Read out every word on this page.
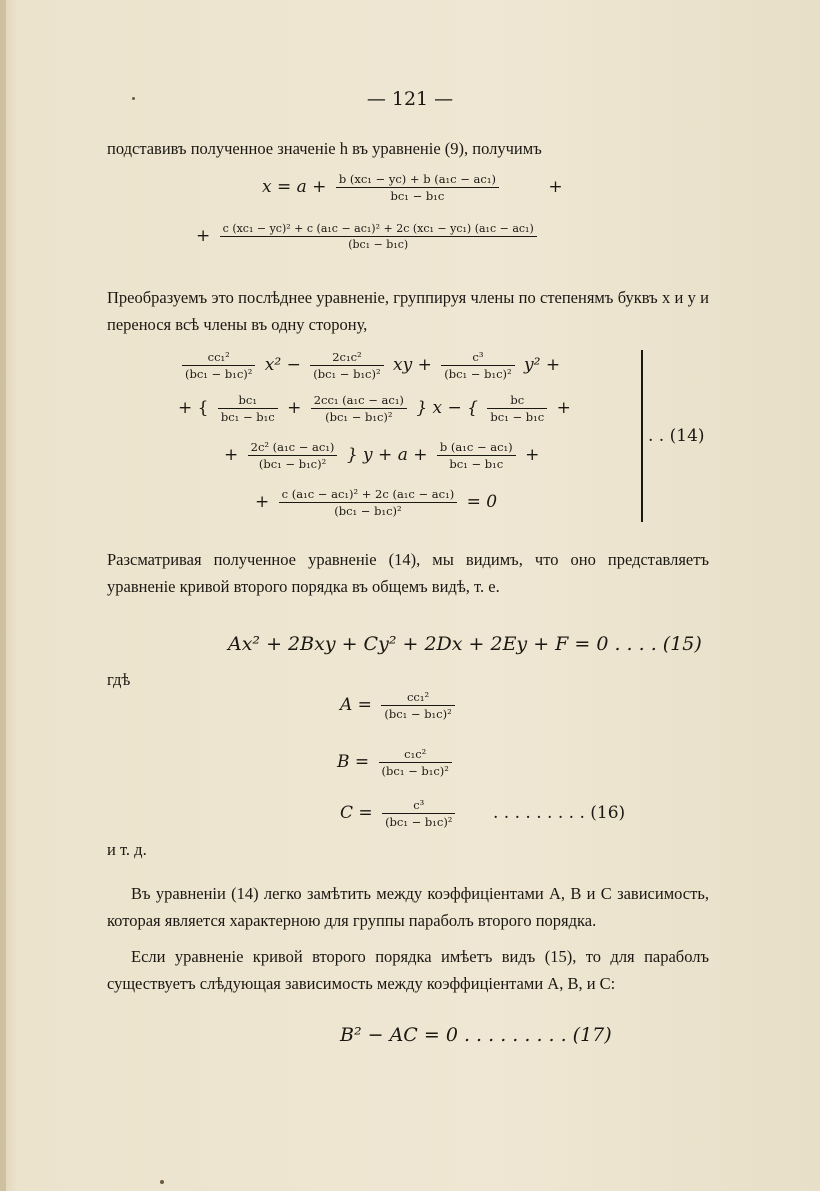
— 121 —
подставивъ полученное значенiе h въ уравненiе (9), получимъ
$x = a + \frac{\text{b (xc₁ − yc) + b (a₁c − ac₁)}}{\text{bc₁ − b₁c}}$	+
+ $\frac{\text{c (xc₁ − yc)² + c (a₁c − ac₁)² + 2c (xc₁ − yc₁) (a₁c − ac₁)}}{\text{(bc₁ − b₁c)}}$
Преобразуемъ это послѣднее уравненiе, группируя члены по степенямъ буквъ x и y и перенося всѣ члены въ одну сторону,
$\frac{\text{cc₁²}}{\text{(bc₁ − b₁c)²}} x^2 - \frac{\text{2c₁c²}}{\text{(bc₁ − b₁c)²}}$ xy + $\frac{\text{c³}}{\text{(bc₁ − b₁c)²}} y^2$ +
+ { $\frac{\text{bc₁}}{\text{bc₁ − b₁c}} + \frac{\text{2cc₁ (a₁c − ac₁)}}{\text{(bc₁ − b₁c)²}}$ } x − { $\frac{bc}{\text{bc₁ − b₁c}}$ +
+ $\frac{\text{2c² (a₁c − ac₁)}}{\text{(bc₁ − b₁c)²}}$ } $y + a + \frac{\text{b (a₁c − ac₁)}}{\text{bc₁ − b₁c}}$ +
+ $\frac{\text{c (a₁c − ac₁)² + 2c (a₁c − ac₁)}}{\text{(bc₁ − b₁c)²}} = 0$
. . (14)
Разсматривая полученное уравненiе (14), мы видимъ, что оно представляетъ уравненiе кривой второго порядка въ общемъ видѣ, т. е.
Ax² + 2Bxy + Cy² + 2Dx + 2Ey + F = 0 . . . . (15)
гдѣ
$A = \frac{\text{cc₁²}}{\text{(bc₁ − b₁c)²}}$
$B = \frac{\text{c₁c²}}{\text{(bc₁ − b₁c)²}}$
$C = \frac{\text{c³}}{\text{(bc₁ − b₁c)²}}$ . . . . . . . . . (16)
и т. д.
Въ уравненiи (14) легко замѣтить между коэффицiентами A, B и C зависимость, которая является характерною для группы параболъ второго порядка.
Если уравненiе кривой второго порядка имѣетъ видъ (15), то для параболъ существуетъ слѣдующая зависимость между коэффицiентами A, B, и C:
B² − AC = 0 . . . . . . . . . (17)
